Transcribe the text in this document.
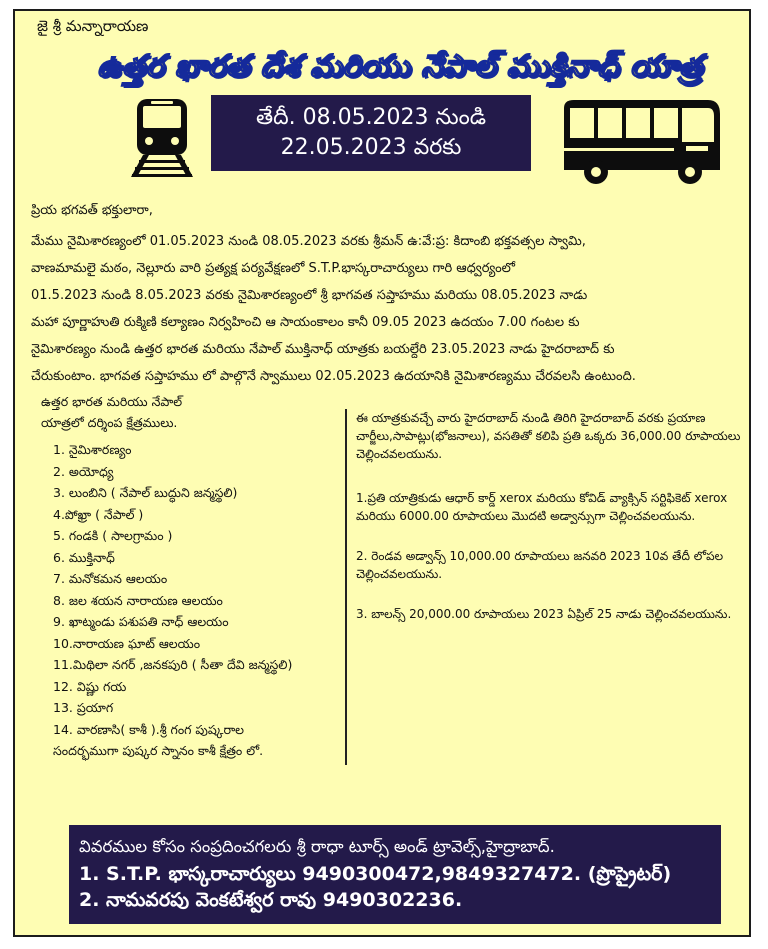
జై శ్రీ మన్నారాయణ
ఉత్తర భారత దేశ మరియు నేపాల్ ముక్తినాధ్ యాత్ర
తేదీ. 08.05.2023 నుండి
22.05.2023 వరకు

ప్రియ భగవత్ భక్తులారా,

మేము నైమిశారణ్యంలో 01.05.2023 నుండి 08.05.2023 వరకు శ్రీమన్ ఉ:వే:ప్ర: కిదాంబి భక్తవత్సల స్వామి,

వాణమామలై మఠం, నెల్లూరు వారి ప్రత్యక్ష పర్యవేక్షణలో S.T.P.భాస్కరాచార్యులు గారి ఆధ్వర్యంలో

01.5.2023 నుండి 8.05.2023 వరకు నైమిశారణ్యంలో శ్రీ భాగవత సప్తాహము మరియు 08.05.2023 నాడు

మహా పూర్ణాహుతి రుక్మిణి కల్యాణం నిర్వహించి ఆ సాయంకాలం కానీ 09.05 2023 ఉదయం 7.00 గంటల కు

నైమిశారణ్యం నుండి ఉత్తర భారత మరియు నేపాల్ ముక్తినాధ్ యాత్రకు బయల్దేరి 23.05.2023 నాడు హైదరాబాద్ కు

చేరుకుంటాం. భాగవత సప్తాహము లో పాల్గొనే స్వాములు 02.05.2023 ఉదయానికి నైమిశారణ్యము చేరవలసి ఉంటుంది.

ఉత్తర భారత మరియు నేపాల్
యాత్రలో దర్శింప క్షేత్రములు.
1. నైమిశారణ్యం
2. అయోధ్య
3. లుంబిని ( నేపాల్ బుద్ధుని జన్మస్థలి)
4.పోఖ్రా ( నేపాల్ )
5. గండకి ( సాలగ్రామం )
6. ముక్తినాధ్
7. మనోకమన ఆలయం
8. జల శయన నారాయణ ఆలయం
9. ఖాట్మండు పశుపతి నాధ్ ఆలయం
10.నారాయణ ఘాట్ ఆలయం
11.మిథిలా నగర్ ,జనకపురి ( సీతా దేవి జన్మస్థలి)
12. విష్ణు గయ
13. ప్రయాగ
14. వారణాసి( కాశీ ).శ్రీ గంగ పుష్కరాల
సందర్భముగా పుష్కర స్నానం కాశీ క్షేత్రం లో.

ఈ యాత్రకువచ్చే వారు హైదరాబాద్ నుండి తిరిగి హైదరాబాద్ వరకు ప్రయాణ చార్జీలు,సాపాట్లు(భోజనాలు), వసతితో కలిపి ప్రతి ఒక్కరు 36,000.00 రూపాయలు చెల్లించవలయును.

1.ప్రతి యాత్రికుడు ఆధార్ కార్డ్ xerox మరియు కోవిడ్ వ్యాక్సిన్ సర్టిఫికెట్ xerox మరియు 6000.00 రూపాయలు మొదటి అడ్వాన్సుగా చెల్లించవలయును.

2. రెండవ అడ్వాన్స్ 10,000.00 రూపాయలు జనవరి 2023 10వ తేదీ లోపల చెల్లించవలయును.

3. బాలన్స్ 20,000.00 రూపాయలు 2023 ఏప్రిల్ 25 నాడు చెల్లించవలయును.

వివరముల కోసం సంప్రదించగలరు శ్రీ రాధా టూర్స్ అండ్ ట్రావెల్స్,హైద్రాబాద్.
1. S.T.P. భాస్కరాచార్యులు 9490300472,9849327472. (ప్రొప్రైటర్)
2. నామవరపు వెంకటేశ్వర రావు 9490302236.
